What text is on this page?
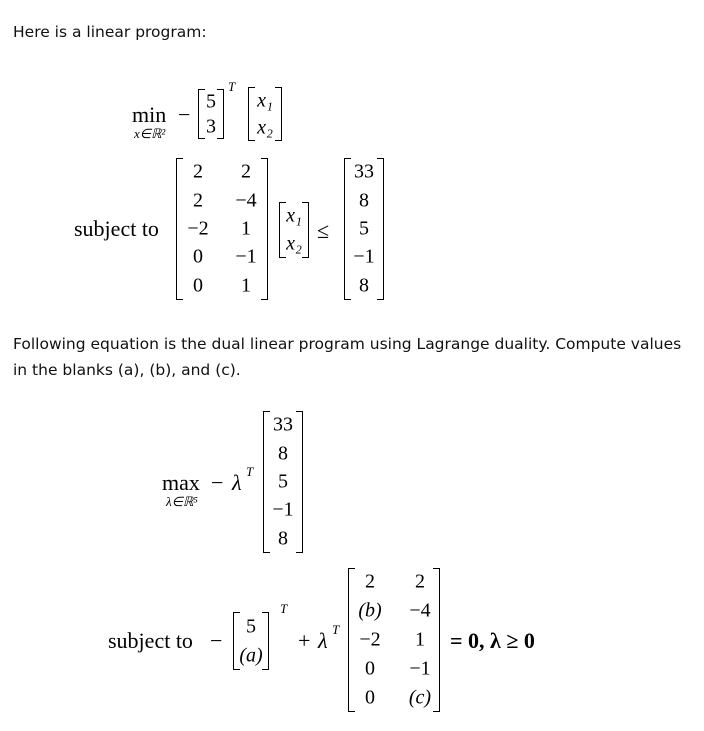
Here is a linear program:

min
x∈ℝ²
−
5
3
T
x₁
x₂
subject to
2 2
2 −4
−2 1
0 −1
0 1
x₁
x₂
≤
33
8
5
−1
8

Following equation is the dual linear program using Lagrange duality. Compute values in the blanks (a), (b), and (c).

max
λ∈ℝ⁵
− λ T
33
8
5
−1
8
subject to −
5
(a)
T
+ λ T
2 2
(b) −4
−2 1
0 −1
0 (c)
= 0, λ ≥ 0
